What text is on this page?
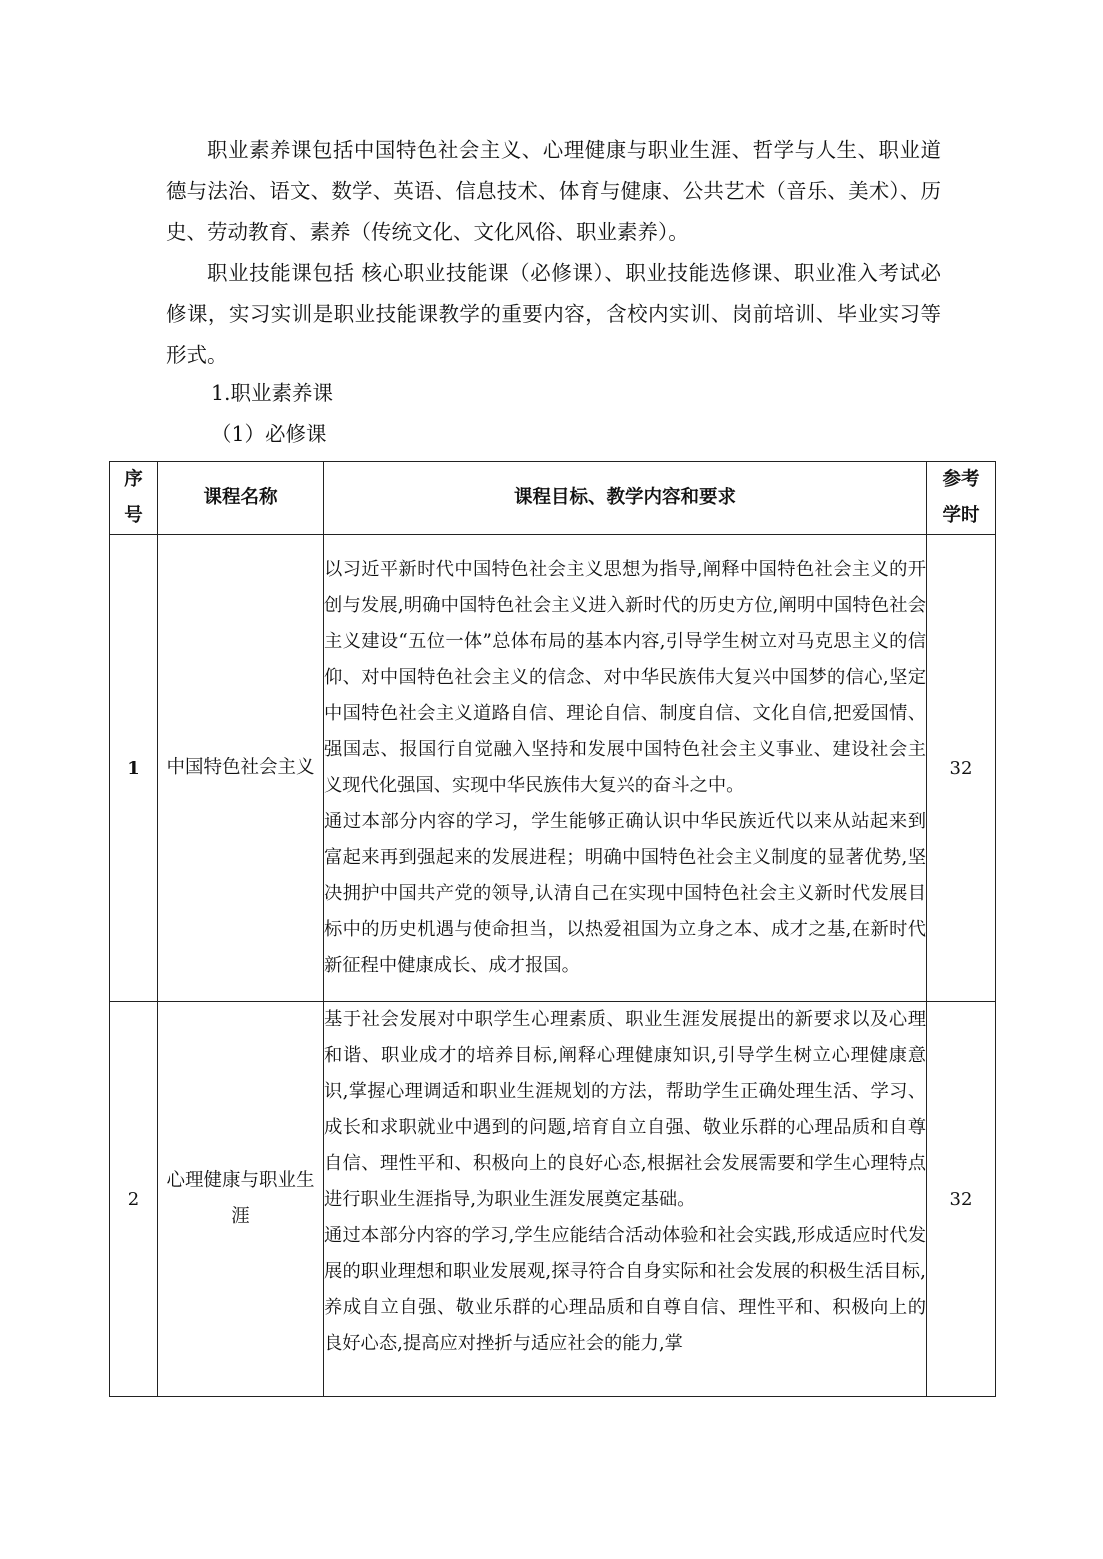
职业素养课包括中国特色社会主义、心理健康与职业生涯、哲学与人生、职业道德与法治、语文、数学、英语、信息技术、体育与健康、公共艺术（音乐、美术）、历史、劳动教育、素养（传统文化、文化风俗、职业素养）。

职业技能课包括 核心职业技能课（必修课）、职业技能选修课、职业准入考试必修课，实习实训是职业技能课教学的重要内容，含校内实训、岗前培训、毕业实习等形式。

1.职业素养课
（1）必修课
序号	课程名称	课程目标、教学内容和要求	参考学时
1	中国特色社会主义	以习近平新时代中国特色社会主义思想为指导,阐释中国特色社会主义的开创与发展,明确中国特色社会主义进入新时代的历史方位,阐明中国特色社会主义建设“五位一体”总体布局的基本内容,引导学生树立对马克思主义的信仰、对中国特色社会主义的信念、对中华民族伟大复兴中国梦的信心,坚定中国特色社会主义道路自信、理论自信、制度自信、文化自信,把爱国情、强国志、报国行自觉融入坚持和发展中国特色社会主义事业、建设社会主义现代化强国、实现中华民族伟大复兴的奋斗之中。

通过本部分内容的学习，学生能够正确认识中华民族近代以来从站起来到富起来再到强起来的发展进程；明确中国特色社会主义制度的显著优势,坚决拥护中国共产党的领导,认清自己在实现中国特色社会主义新时代发展目标中的历史机遇与使命担当，以热爱祖国为立身之本、成才之基,在新时代新征程中健康成长、成才报国。	32
2	心理健康与职业生涯	基于社会发展对中职学生心理素质、职业生涯发展提出的新要求以及心理和谐、职业成才的培养目标,阐释心理健康知识,引导学生树立心理健康意识,掌握心理调适和职业生涯规划的方法，帮助学生正确处理生活、学习、成长和求职就业中遇到的问题,培育自立自强、敬业乐群的心理品质和自尊自信、理性平和、积极向上的良好心态,根据社会发展需要和学生心理特点进行职业生涯指导,为职业生涯发展奠定基础。

通过本部分内容的学习,学生应能结合活动体验和社会实践,形成适应时代发展的职业理想和职业发展观,探寻符合自身实际和社会发展的积极生活目标,养成自立自强、敬业乐群的心理品质和自尊自信、理性平和、积极向上的良好心态,提高应对挫折与适应社会的能力,掌	32
